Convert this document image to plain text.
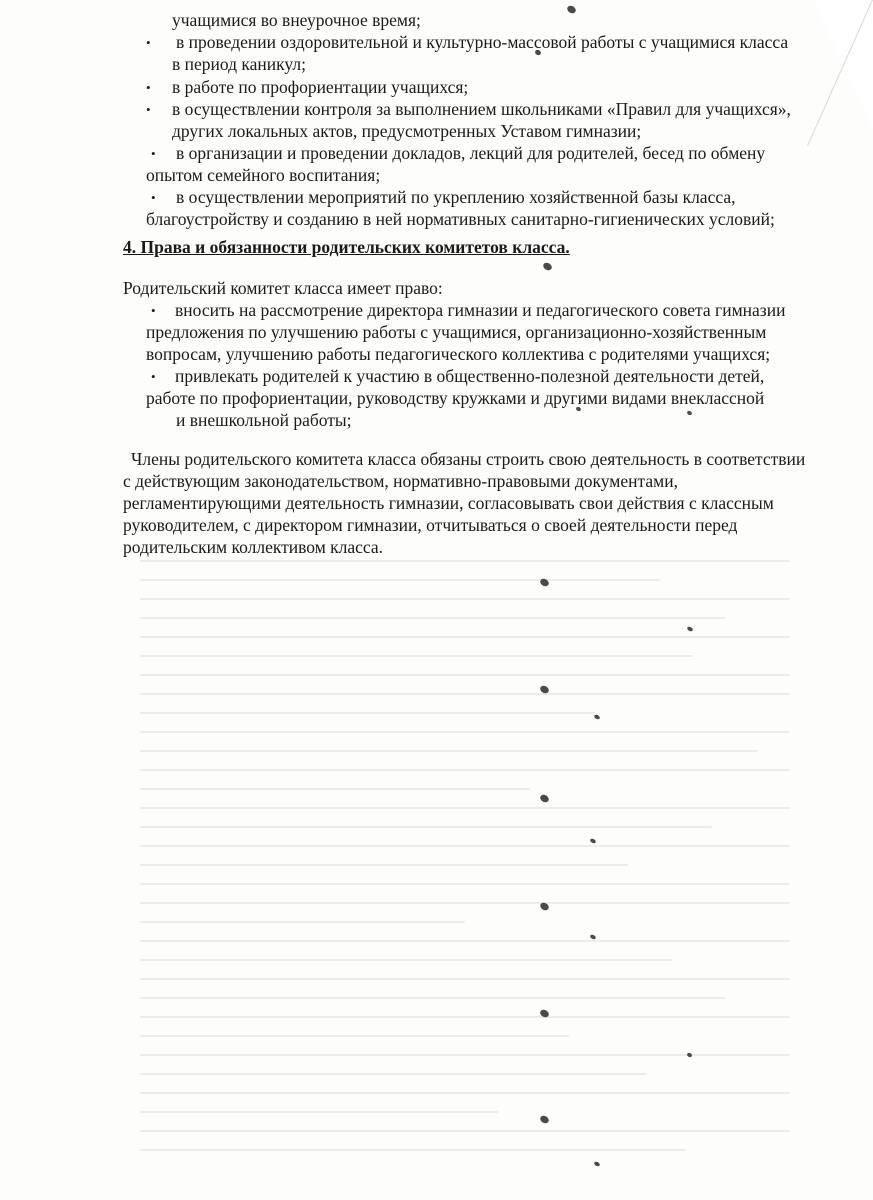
учащимися во внеурочное время;
• в проведении оздоровительной и культурно-массовой работы с учащимися класса
в период каникул;
• в работе по профориентации учащихся;
• в осуществлении контроля за выполнением школьниками «Правил для учащихся»,
других локальных актов, предусмотренных Уставом гимназии;
• в организации и проведении докладов, лекций для родителей, бесед по обмену
опытом семейного воспитания;
• в осуществлении мероприятий по укреплению хозяйственной базы класса,
благоустройству и созданию в ней нормативных санитарно-гигиенических условий;
4. Права и обязанности родительских комитетов класса.
Родительский комитет класса имеет право:
• вносить на рассмотрение директора гимназии и педагогического совета гимназии
предложения по улучшению работы с учащимися, организационно-хозяйственным
вопросам, улучшению работы педагогического коллектива с родителями учащихся;
• привлекать родителей к участию в общественно-полезной деятельности детей,
работе по профориентации, руководству кружками и другими видами внеклассной
и внешкольной работы;
Члены родительского комитета класса обязаны строить свою деятельность в соответствии
с действующим законодательством, нормативно-правовыми документами,
регламентирующими деятельность гимназии, согласовывать свои действия с классным
руководителем, с директором гимназии, отчитываться о своей деятельности перед
родительским коллективом класса.
